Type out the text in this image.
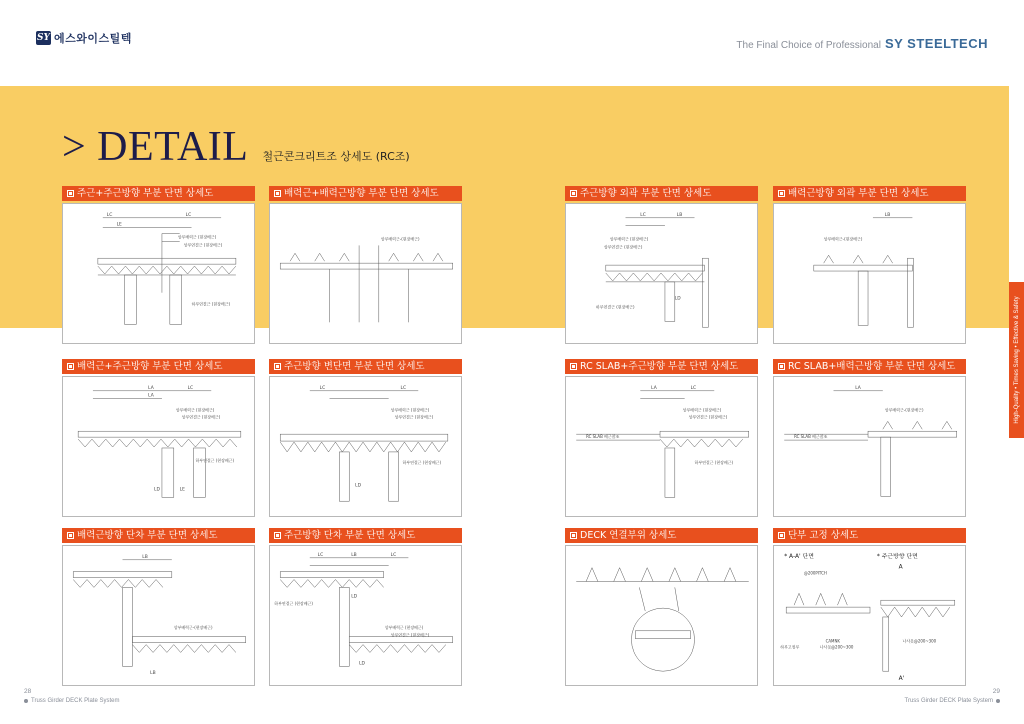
SY 에스와이스틸텍
The Final Choice of Professional SY STEELTECH
High-Quality • Times Saving • Effective & Safety
> DETAIL 철근콘크리트조 상세도 (RC조)
주근+주근방향 부분 단면 상세도
LC	LC
LE
상부배력근 (현장배근)
상부연결근 (현장배근)
하부연결근 (현장배근)
배력근+배력근방향 부분 단면 상세도
상부배력근-(현장배근)
주근방향 외곽 부분 단면 상세도
LC	LB
LD
상부배력근 (현장배근)
상부연결근 (현장배근)
하부연결근 (현장배근)
배력근방향 외곽 부분 단면 상세도
LB
상부배력근-(현장배근)
배력근+주근방향 부분 단면 상세도
LA	LC
LA
LD	LE
상부배력근 (현장배근)
상부연결근 (현장배근)
하부연결근 (현장배근)
주근방향 변단면 부분 단면 상세도
LC	LC
LD
상부배력근 (현장배근)
상부연결근 (현장배근)
하부연결근 (현장배근)
RC SLAB+주근방향 부분 단면 상세도
LA	LC
RC SLAB 배근참조
상부배력근 (현장배근)
상부연결근 (현장배근)
하부연결근 (현장배근)
RC SLAB+배력근방향 부분 단면 상세도
LA
RC SLAB 배근참조
상부배력근-(현장배근)
배력근방향 단차 부분 단면 상세도
LB
LB
상부배력근-(현장배근)
주근방향 단차 부분 단면 상세도
LC	LB	LC
LD
LD
하부연결근 (현장배근)
상부배력근 (현장배근)
상부연결근 (현장배근)
DECK 연결부위 상세도	단부 고정 상세도
* A-A' 단면	* 주근방향 단면
A
A'
@200PITCH
하부고정부
CAMNK
나사못@200~300
나사못@200~300
28
Truss Girder DECK Plate System
29
Truss Girder DECK Plate System
